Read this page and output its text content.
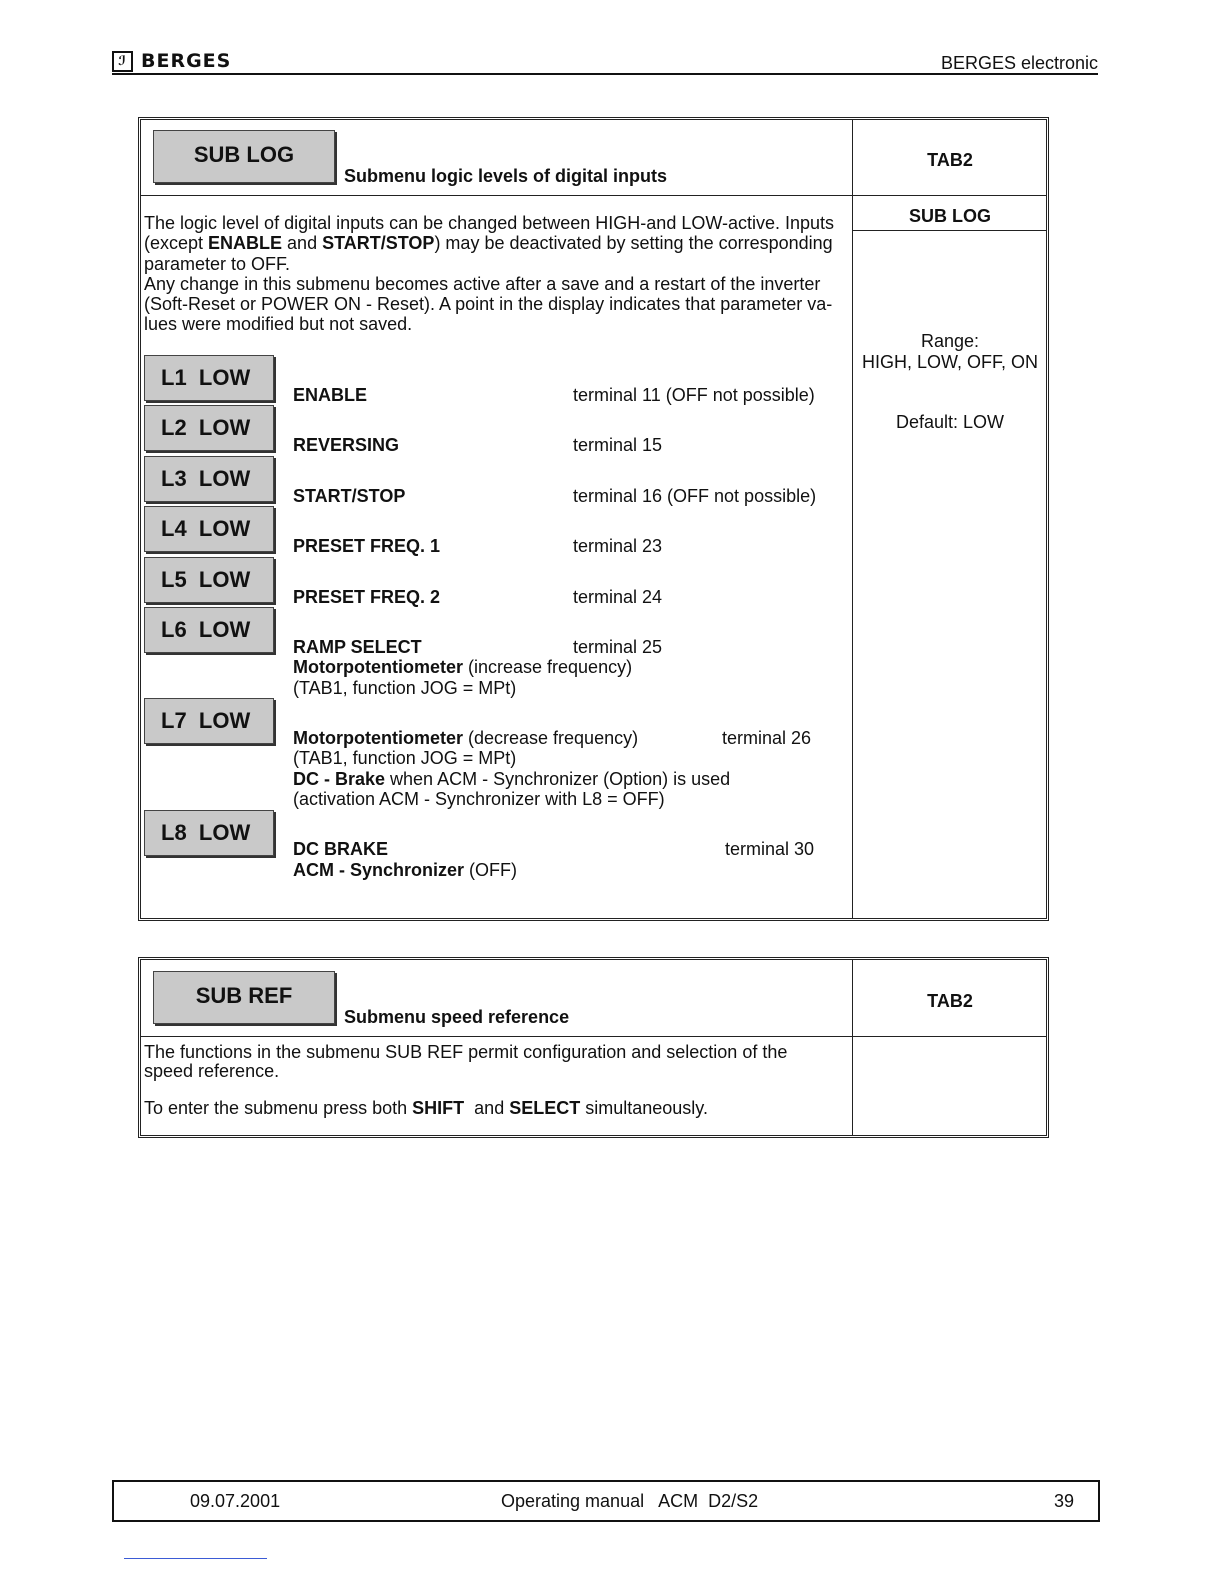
ℐ BERGES	BERGES electronic
SUB LOG
Submenu logic levels of digital inputs
TAB2
SUB LOG
The logic level of digital inputs can be changed between HIGH-and LOW-active. Inputs
(except ENABLE and START/STOP) may be deactivated by setting the corresponding
parameter to OFF.
Any change in this submenu becomes active after a save and a restart of the inverter
(Soft-Reset or POWER ON - Reset). A point in the display indicates that parameter va-
lues were modified but not saved.
Range:
HIGH, LOW, OFF, ON
Default: LOW
L1  LOW
ENABLE	terminal 11 (OFF not possible)
L2  LOW
REVERSING	terminal 15
L3  LOW
START/STOP	terminal 16 (OFF not possible)
L4  LOW
PRESET FREQ. 1	terminal 23
L5  LOW
PRESET FREQ. 2	terminal 24
L6  LOW
RAMP SELECT	terminal 25
Motorpotentiometer (increase frequency)
(TAB1, function JOG = MPt)
L7  LOW
Motorpotentiometer (decrease frequency)	terminal 26
(TAB1, function JOG = MPt)
DC - Brake when ACM - Synchronizer (Option) is used
(activation ACM - Synchronizer with L8 = OFF)
L8  LOW
DC BRAKE	terminal 30
ACM - Synchronizer (OFF)
SUB REF
Submenu speed reference
TAB2
The functions in the submenu SUB REF permit configuration and selection of the
speed reference.
To enter the submenu press both SHIFT  and SELECT simultaneously.
09.07.2001	Operating manual   ACM  D2/S2	39
